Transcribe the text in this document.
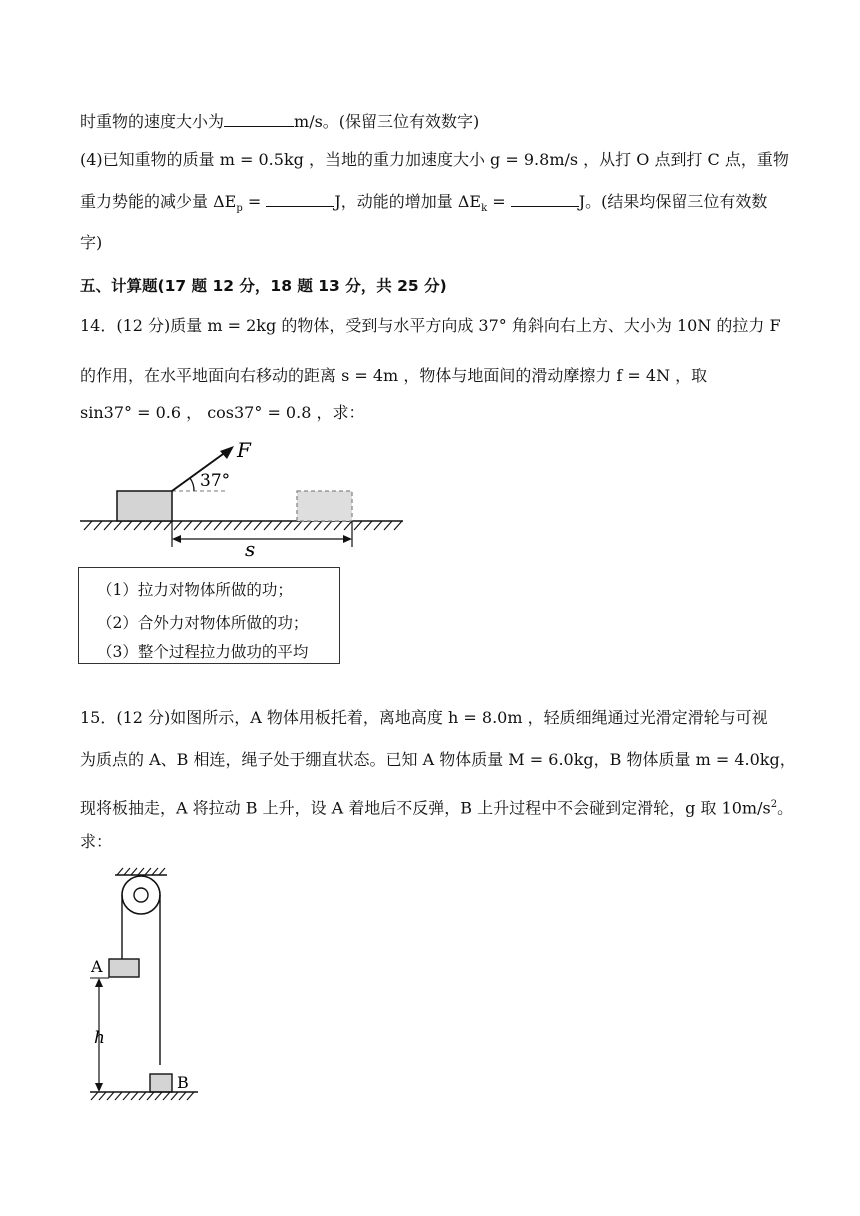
时重物的速度大小为	m/s。(保留三位有效数字)
(4)已知重物的质量 m = 0.5kg ，当地的重力加速度大小 g = 9.8m/s ，从打 O 点到打 C 点，重物
重力势能的减少量 $\Delta E_p$ =	J，动能的增加量 $\Delta E_k$ =	J。(结果均保留三位有效数
字)
五、计算题(17 题 12 分，18 题 13 分，共 25 分)
14．(12 分)质量 m = 2kg 的物体，受到与水平方向成 37° 角斜向右上方、大小为 10N 的拉力 F
的作用，在水平地面向右移动的距离 s = 4m ，物体与地面间的滑动摩擦力 f = 4N ，取
sin37° = 0.6 ， cos37° = 0.8 ，求：
F
37°
s
（1）拉力对物体所做的功；
（2）合外力对物体所做的功；
（3）整个过程拉力做功的平均
15．(12 分)如图所示，A 物体用板托着，离地高度 h = 8.0m ，轻质细绳通过光滑定滑轮与可视
为质点的 A、B 相连，绳子处于绷直状态。已知 A 物体质量 M = 6.0kg，B 物体质量 m = 4.0kg，
现将板抽走，A 将拉动 B 上升，设 A 着地后不反弹，B 上升过程中不会碰到定滑轮，g 取 $10m/s^2$。
求：
A
h
B
